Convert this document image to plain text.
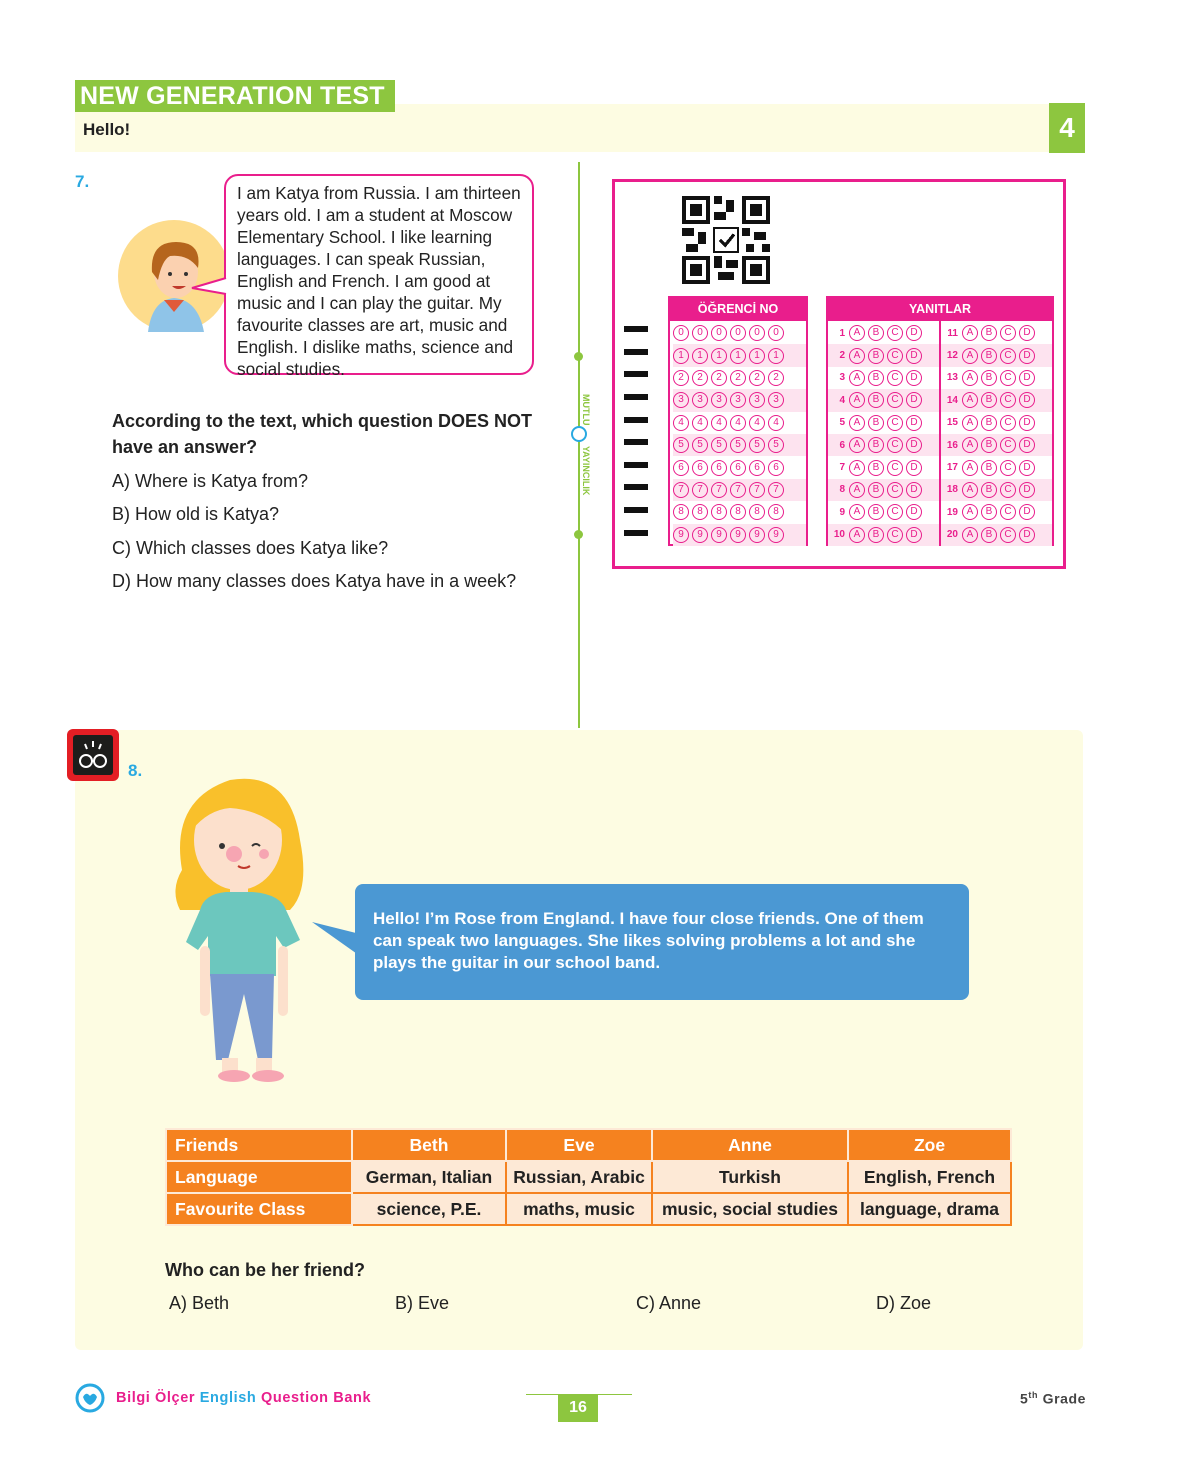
NEW GENERATION TEST
Hello!	4
MUTLU
YAYINCILIK
7.
I am Katya from Russia. I am thirteen years old. I am a student at Moscow Elementary School. I like learning languages. I can speak Russian, English and French. I am good at music and I can play the guitar. My favourite classes are art, music and English. I dislike maths, science and social studies.
According to the text, which question DOES NOT have an answer?
A) Where is Katya from?
B) How old is Katya?
C) Which classes does Katya like?
D) How many classes does Katya have in a week?
ÖĞRENCİ NO
0	0	0	0	0	0
1	1	1	1	1	1
2	2	2	2	2	2
3	3	3	3	3	3
4	4	4	4	4	4
5	5	5	5	5	5
6	6	6	6	6	6
7	7	7	7	7	7
8	8	8	8	8	8
9	9	9	9	9	9
YANITLAR
1 A	B	C	D
2 A	B	C	D
3 A	B	C	D
4 A	B	C	D
5 A	B	C	D
6 A	B	C	D
7 A	B	C	D
8 A	B	C	D
9 A	B	C	D
10 A	B	C	D
11 A	B	C	D
12 A	B	C	D
13 A	B	C	D
14 A	B	C	D
15 A	B	C	D
16 A	B	C	D
17 A	B	C	D
18 A	B	C	D
19 A	B	C	D
20 A	B	C	D
8.
Hello! I’m Rose from England. I have four close friends. One of them can speak two languages. She likes solving problems a lot and she plays the guitar in our school band.
Friends	Beth	Eve	Anne	Zoe
Language	German, Italian	Russian, Arabic	Turkish	English, French
Favourite Class	science, P.E.	maths, music	music, social studies	language, drama
Who can be her friend?
A) Beth	B) Eve	C) Anne	D) Zoe
Bilgi Ölçer English Question Bank
16
5th Grade
